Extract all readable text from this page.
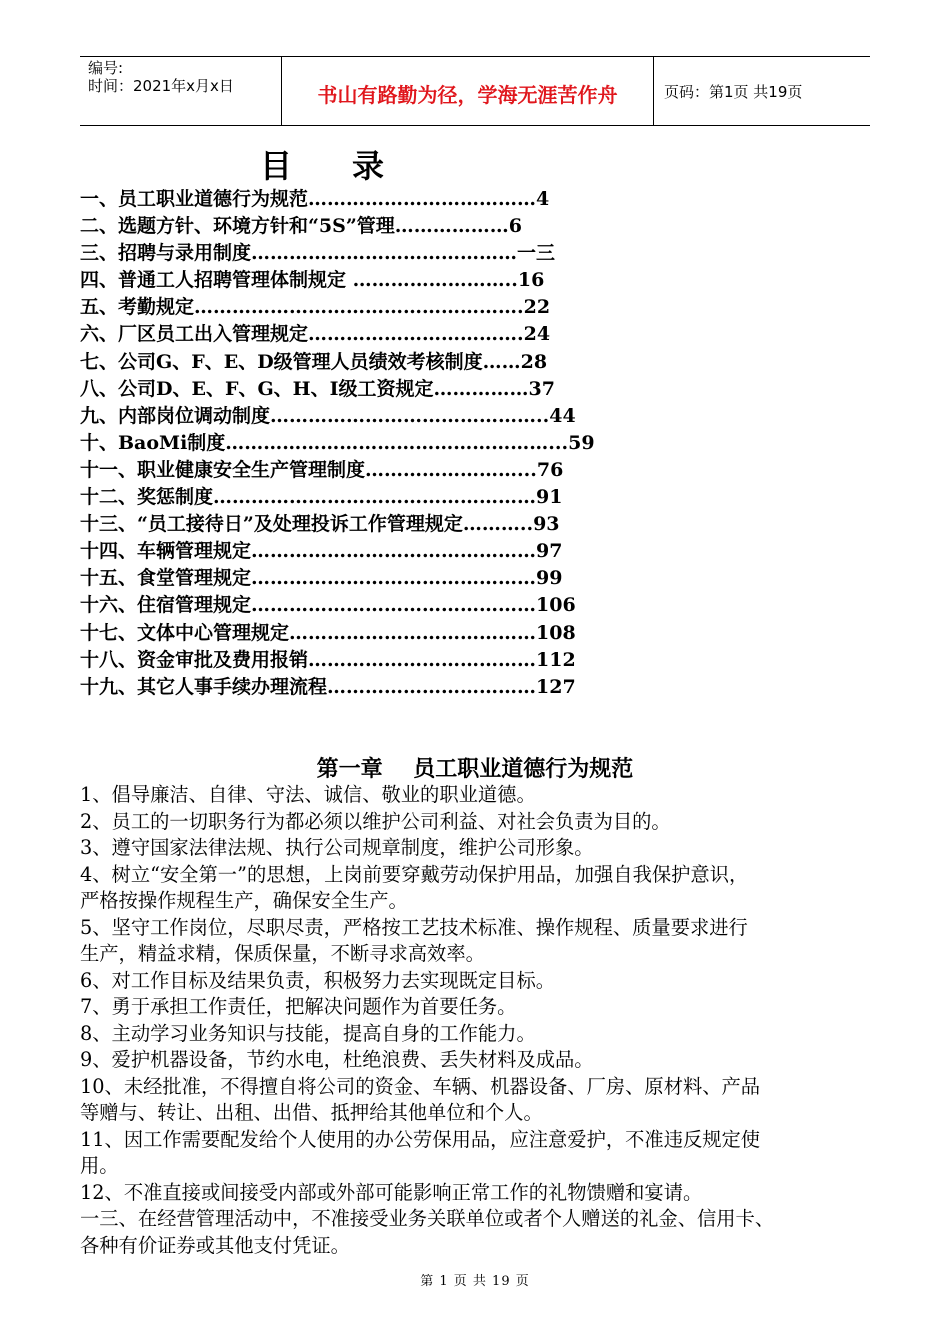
编号:
时间：2021年x月x日	书山有路勤为径，学海无涯苦作舟	页码：第1页 共19页
目录
一、员工职业道德行为规范………………………………4
二、选题方针、环境方针和“5S”管理………………6
三、招聘与录用制度……………………………………一三
四、普通工人招聘管理体制规定 ……………………..16
五、考勤规定…………………………………………….22
六、厂区员工出入管理规定…………………………….24
七、公司G、F、E、D级管理人员绩效考核制度……28
八、公司D、E、F、G、H、I级工资规定……………37
九、内部岗位调动制度……………………………………..44
十、BaoMi制度……………………………………………...59
十一、职业健康安全生产管理制度……………………...76
十二、奖惩制度……………………………………………91
十三、“员工接待日”及处理投诉工作管理规定………..93
十四、车辆管理规定………………………………………97
十五、食堂管理规定………………………………………99
十六、住宿管理规定………………………………………106
十七、文体中心管理规定…………………………………108
十八、资金审批及费用报销………………………………112
十九、其它人事手续办理流程……………………………127
第一章    员工职业道德行为规范
1、倡导廉洁、自律、守法、诚信、敬业的职业道德。
2、员工的一切职务行为都必须以维护公司利益、对社会负责为目的。
3、遵守国家法律法规、执行公司规章制度，维护公司形象。
4、树立“安全第一”的思想，上岗前要穿戴劳动保护用品，加强自我保护意识，
严格按操作规程生产，确保安全生产。
5、坚守工作岗位，尽职尽责，严格按工艺技术标准、操作规程、质量要求进行
生产，精益求精，保质保量，不断寻求高效率。
6、对工作目标及结果负责，积极努力去实现既定目标。
7、勇于承担工作责任，把解决问题作为首要任务。
8、主动学习业务知识与技能，提高自身的工作能力。
9、爱护机器设备，节约水电，杜绝浪费、丢失材料及成品。
10、未经批准，不得擅自将公司的资金、车辆、机器设备、厂房、原材料、产品
等赠与、转让、出租、出借、抵押给其他单位和个人。
11、因工作需要配发给个人使用的办公劳保用品，应注意爱护，不准违反规定使
用。
12、不准直接或间接受内部或外部可能影响正常工作的礼物馈赠和宴请。
一三、在经营管理活动中，不准接受业务关联单位或者个人赠送的礼金、信用卡、
各种有价证券或其他支付凭证。
第 1 页 共 19 页
